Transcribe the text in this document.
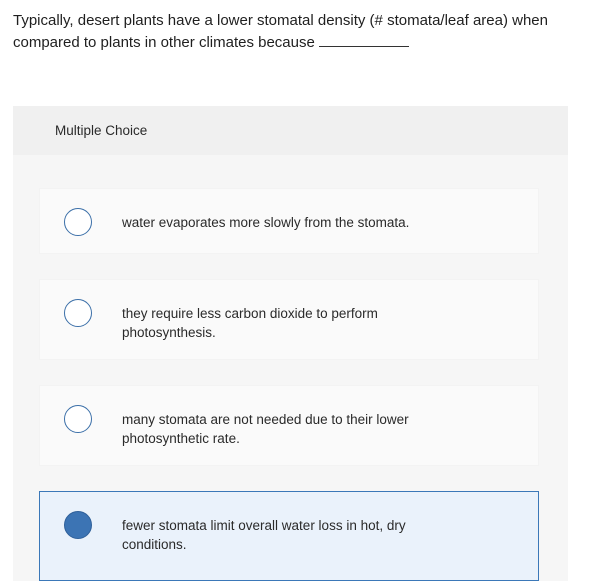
Typically, desert plants have a lower stomatal density (# stomata/leaf area) when compared to plants in other climates because
Multiple Choice
water evaporates more slowly from the stomata.
they require less carbon dioxide to perform photosynthesis.
many stomata are not needed due to their lower photosynthetic rate.
fewer stomata limit overall water loss in hot, dry conditions.
